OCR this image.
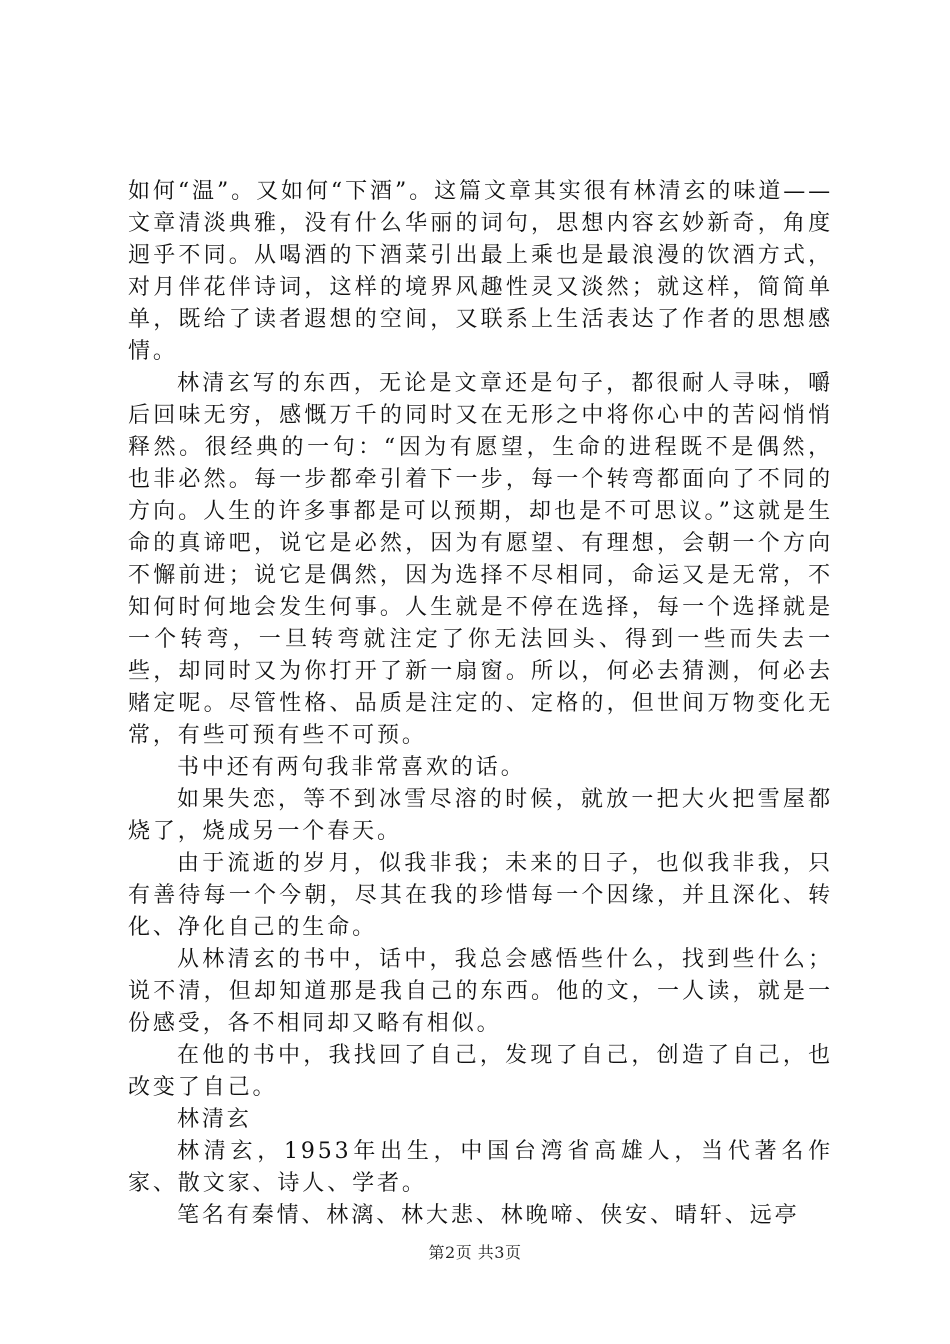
如何“温”。又如何“下酒”。这篇文章其实很有林清玄的味道——文章清淡典雅，没有什么华丽的词句，思想内容玄妙新奇，角度迥乎不同。从喝酒的下酒菜引出最上乘也是最浪漫的饮酒方式，对月伴花伴诗词，这样的境界风趣性灵又淡然；就这样，简简单单，既给了读者遐想的空间，又联系上生活表达了作者的思想感情。

林清玄写的东西，无论是文章还是句子，都很耐人寻味，嚼后回味无穷，感慨万千的同时又在无形之中将你心中的苦闷悄悄释然。很经典的一句：“因为有愿望，生命的进程既不是偶然，也非必然。每一步都牵引着下一步，每一个转弯都面向了不同的方向。人生的许多事都是可以预期，却也是不可思议。”这就是生命的真谛吧，说它是必然，因为有愿望、有理想，会朝一个方向不懈前进；说它是偶然，因为选择不尽相同，命运又是无常，不知何时何地会发生何事。人生就是不停在选择，每一个选择就是一个转弯，一旦转弯就注定了你无法回头、得到一些而失去一些，却同时又为你打开了新一扇窗。所以，何必去猜测，何必去赌定呢。尽管性格、品质是注定的、定格的，但世间万物变化无常，有些可预有些不可预。

书中还有两句我非常喜欢的话。

如果失恋，等不到冰雪尽溶的时候，就放一把大火把雪屋都烧了，烧成另一个春天。

由于流逝的岁月，似我非我；未来的日子，也似我非我，只有善待每一个今朝，尽其在我的珍惜每一个因缘，并且深化、转化、净化自己的生命。

从林清玄的书中，话中，我总会感悟些什么，找到些什么；说不清，但却知道那是我自己的东西。他的文，一人读，就是一份感受，各不相同却又略有相似。

在他的书中，我找回了自己，发现了自己，创造了自己，也改变了自己。

林清玄

林清玄，1953年出生，中国台湾省高雄人，当代著名作家、散文家、诗人、学者。

笔名有秦情、林漓、林大悲、林晚啼、侠安、晴轩、远亭

第2页 共3页
